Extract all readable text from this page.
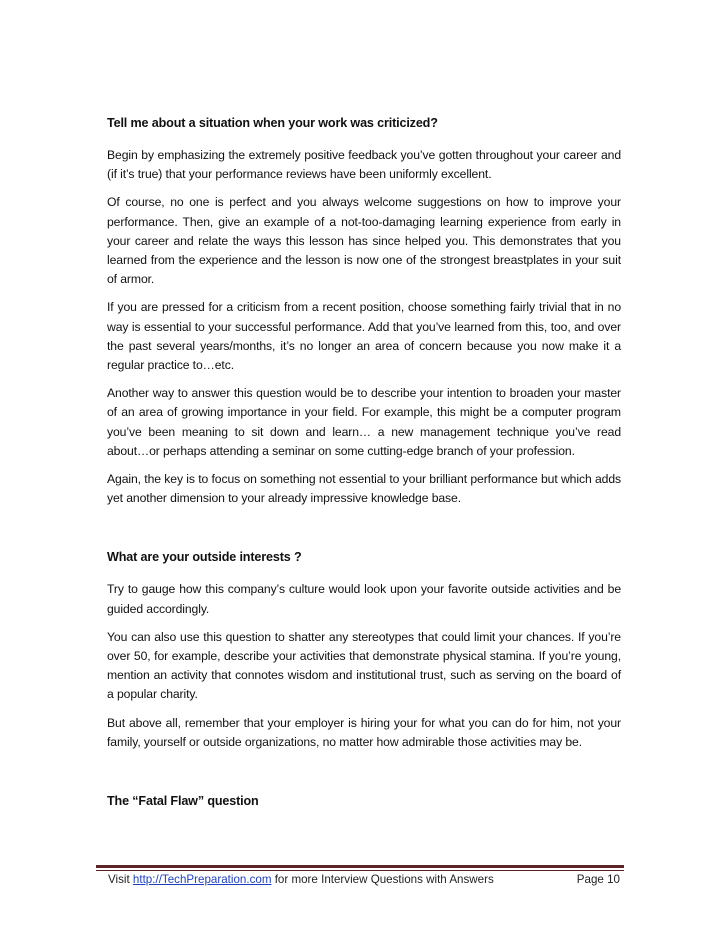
Tell me about a situation when your work was criticized?

Begin by emphasizing the extremely positive feedback you’ve gotten throughout your career and (if it’s true) that your performance reviews have been uniformly excellent.

Of course, no one is perfect and you always welcome suggestions on how to improve your performance. Then, give an example of a not-too-damaging learning experience from early in your career and relate the ways this lesson has since helped you. This demonstrates that you learned from the experience and the lesson is now one of the strongest breastplates in your suit of armor.

If you are pressed for a criticism from a recent position, choose something fairly trivial that in no way is essential to your successful performance. Add that you’ve learned from this, too, and over the past several years/months, it’s no longer an area of concern because you now make it a regular practice to…etc.

Another way to answer this question would be to describe your intention to broaden your master of an area of growing importance in your field. For example, this might be a computer program you’ve been meaning to sit down and learn… a new management technique you’ve read about…or perhaps attending a seminar on some cutting-edge branch of your profession.

Again, the key is to focus on something not essential to your brilliant performance but which adds yet another dimension to your already impressive knowledge base.

What are your outside interests ?

Try to gauge how this company’s culture would look upon your favorite outside activities and be guided accordingly.

You can also use this question to shatter any stereotypes that could limit your chances. If you’re over 50, for example, describe your activities that demonstrate physical stamina. If you’re young, mention an activity that connotes wisdom and institutional trust, such as serving on the board of a popular charity.

But above all, remember that your employer is hiring your for what you can do for him, not your family, yourself or outside organizations, no matter how admirable those activities may be.

The “Fatal Flaw” question
Visit http://TechPreparation.com for more Interview Questions with Answers	Page 10
